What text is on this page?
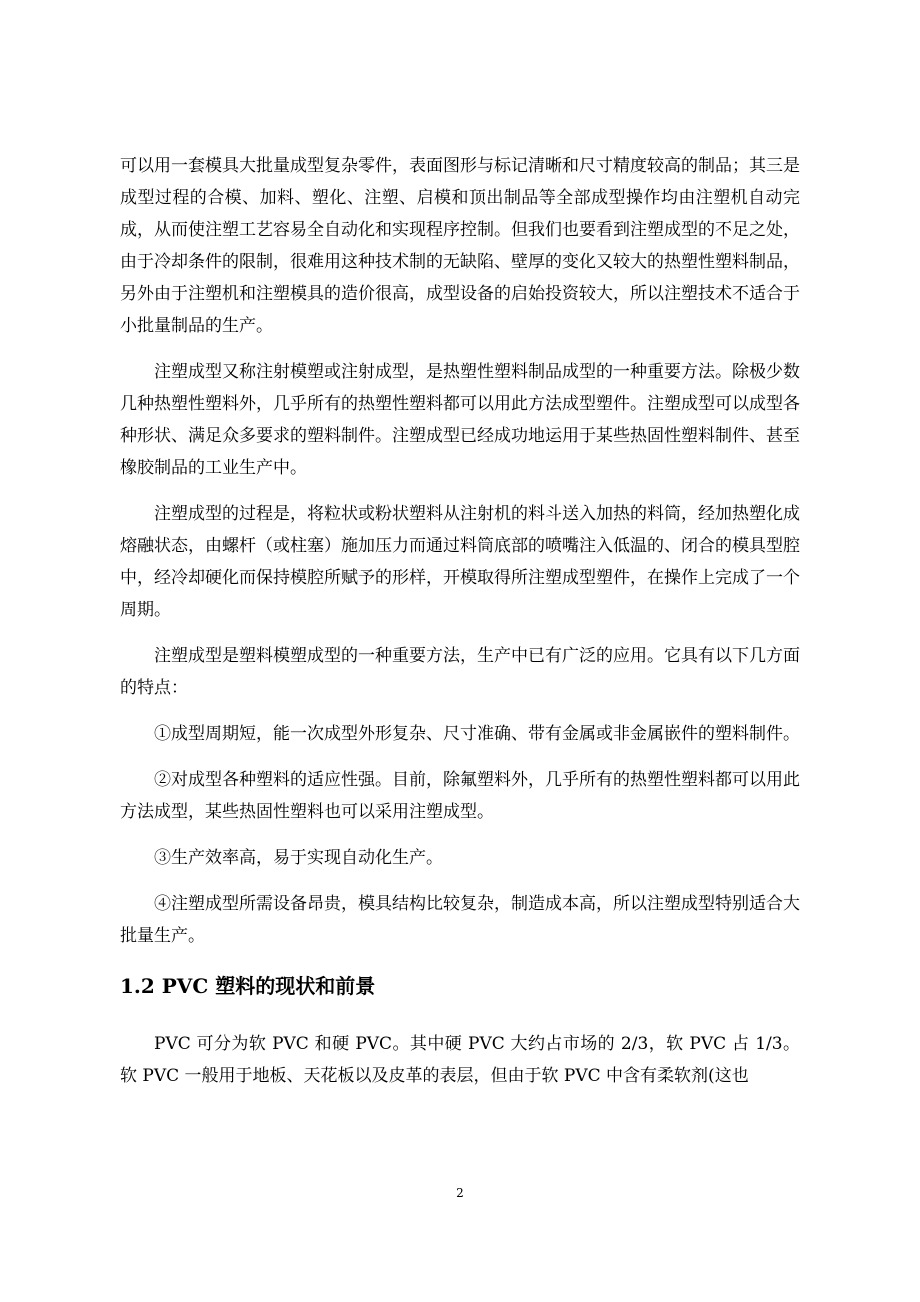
可以用一套模具大批量成型复杂零件，表面图形与标记清晰和尺寸精度较高的制品；其三是成型过程的合模、加料、塑化、注塑、启模和顶出制品等全部成型操作均由注塑机自动完成，从而使注塑工艺容易全自动化和实现程序控制。但我们也要看到注塑成型的不足之处，由于冷却条件的限制，很难用这种技术制的无缺陷、壁厚的变化又较大的热塑性塑料制品，另外由于注塑机和注塑模具的造价很高，成型设备的启始投资较大，所以注塑技术不适合于小批量制品的生产。

注塑成型又称注射模塑或注射成型，是热塑性塑料制品成型的一种重要方法。除极少数几种热塑性塑料外，几乎所有的热塑性塑料都可以用此方法成型塑件。注塑成型可以成型各种形状、满足众多要求的塑料制件。注塑成型已经成功地运用于某些热固性塑料制件、甚至橡胶制品的工业生产中。

注塑成型的过程是，将粒状或粉状塑料从注射机的料斗送入加热的料筒，经加热塑化成熔融状态，由螺杆（或柱塞）施加压力而通过料筒底部的喷嘴注入低温的、闭合的模具型腔中，经冷却硬化而保持模腔所赋予的形样，开模取得所注塑成型塑件，在操作上完成了一个周期。

注塑成型是塑料模塑成型的一种重要方法，生产中已有广泛的应用。它具有以下几方面的特点：

①成型周期短，能一次成型外形复杂、尺寸准确、带有金属或非金属嵌件的塑料制件。

②对成型各种塑料的适应性强。目前，除氟塑料外，几乎所有的热塑性塑料都可以用此方法成型，某些热固性塑料也可以采用注塑成型。

③生产效率高，易于实现自动化生产。

④注塑成型所需设备昂贵，模具结构比较复杂，制造成本高，所以注塑成型特别适合大批量生产。

1.2 PVC 塑料的现状和前景

PVC 可分为软 PVC 和硬 PVC。其中硬 PVC 大约占市场的 2/3，软 PVC 占 1/3。软 PVC 一般用于地板、天花板以及皮革的表层，但由于软 PVC 中含有柔软剂(这也

2
